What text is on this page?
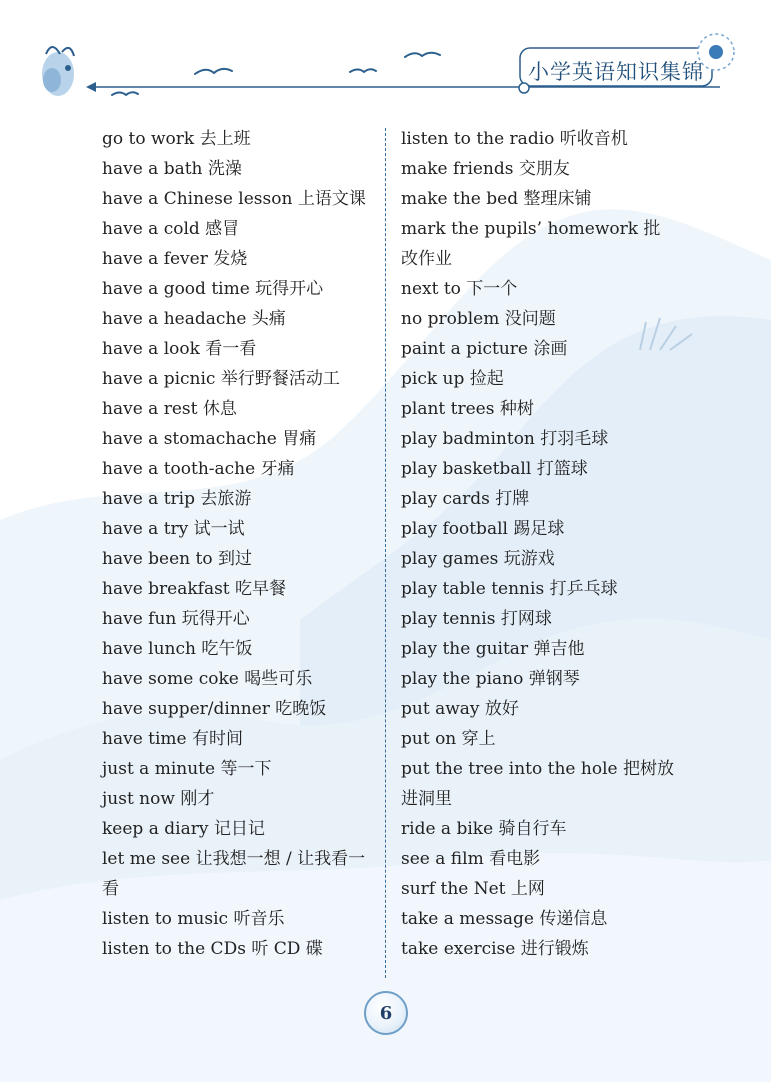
小学英语知识集锦
go to work 去上班
have a bath 洗澡
have a Chinese lesson 上语文课
have a cold 感冒
have a fever 发烧
have a good time 玩得开心
have a headache 头痛
have a look 看一看
have a picnic 举行野餐活动工
have a rest 休息
have a stomachache 胃痛
have a tooth-ache 牙痛
have a trip 去旅游
have a try 试一试
have been to 到过
have breakfast 吃早餐
have fun 玩得开心
have lunch 吃午饭
have some coke 喝些可乐
have supper/dinner 吃晚饭
have time 有时间
just a minute 等一下
just now 刚才
keep a diary 记日记
let me see 让我想一想 / 让我看一看
listen to music 听音乐
listen to the CDs 听 CD 碟
listen to the radio 听收音机
make friends 交朋友
make the bed 整理床铺
mark the pupils’ homework 批改作业
next to 下一个
no problem 没问题
paint a picture 涂画
pick up 捡起
plant trees 种树
play badminton 打羽毛球
play basketball 打篮球
play cards 打牌
play football 踢足球
play games 玩游戏
play table tennis 打乒乓球
play tennis 打网球
play the guitar 弹吉他
play the piano 弹钢琴
put away 放好
put on 穿上
put the tree into the hole 把树放进洞里
ride a bike 骑自行车
see a film 看电影
surf the Net 上网
take a message 传递信息
take exercise 进行锻炼
6
